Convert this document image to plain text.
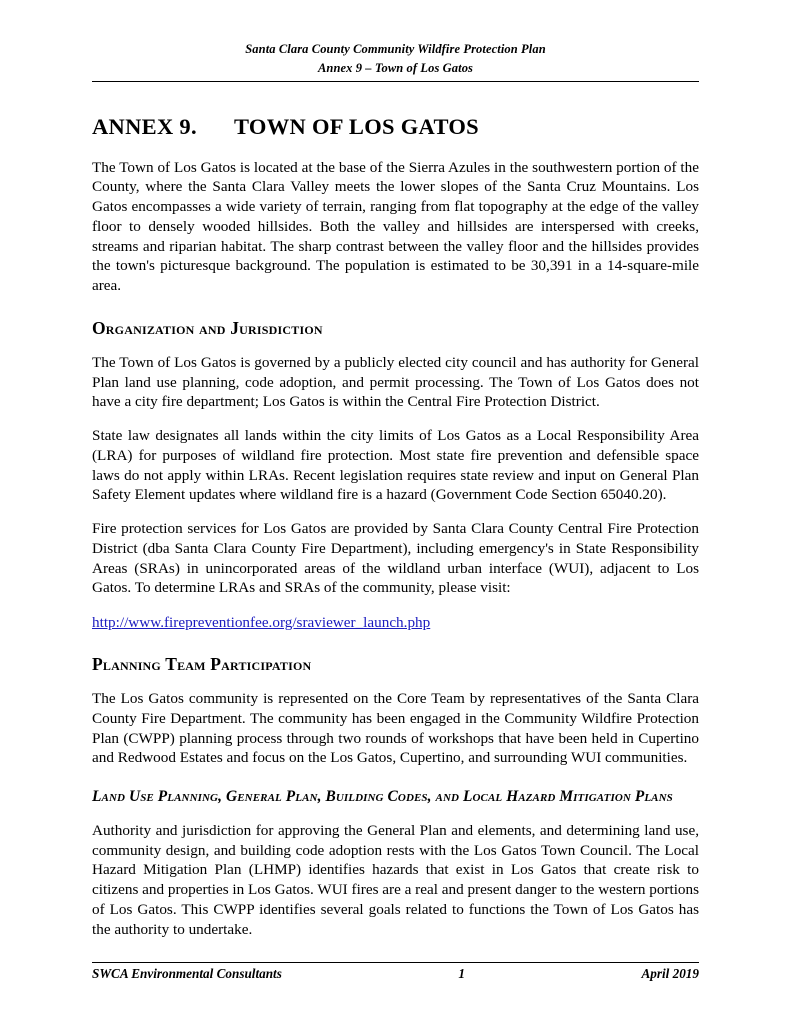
Santa Clara County Community Wildfire Protection Plan
Annex 9 – Town of Los Gatos
ANNEX 9.	TOWN OF LOS GATOS

The Town of Los Gatos is located at the base of the Sierra Azules in the southwestern portion of the County, where the Santa Clara Valley meets the lower slopes of the Santa Cruz Mountains. Los Gatos encompasses a wide variety of terrain, ranging from flat topography at the edge of the valley floor to densely wooded hillsides. Both the valley and hillsides are interspersed with creeks, streams and riparian habitat. The sharp contrast between the valley floor and the hillsides provides the town's picturesque background. The population is estimated to be 30,391 in a 14-square-mile area.

Organization and Jurisdiction

The Town of Los Gatos is governed by a publicly elected city council and has authority for General Plan land use planning, code adoption, and permit processing. The Town of Los Gatos does not have a city fire department; Los Gatos is within the Central Fire Protection District.

State law designates all lands within the city limits of Los Gatos as a Local Responsibility Area (LRA) for purposes of wildland fire protection. Most state fire prevention and defensible space laws do not apply within LRAs. Recent legislation requires state review and input on General Plan Safety Element updates where wildland fire is a hazard (Government Code Section 65040.20).

Fire protection services for Los Gatos are provided by Santa Clara County Central Fire Protection District (dba Santa Clara County Fire Department), including emergency's in State Responsibility Areas (SRAs) in unincorporated areas of the wildland urban interface (WUI), adjacent to Los Gatos. To determine LRAs and SRAs of the community, please visit:

http://www.firepreventionfee.org/sraviewer_launch.php
Planning Team Participation

The Los Gatos community is represented on the Core Team by representatives of the Santa Clara County Fire Department. The community has been engaged in the Community Wildfire Protection Plan (CWPP) planning process through two rounds of workshops that have been held in Cupertino and Redwood Estates and focus on the Los Gatos, Cupertino, and surrounding WUI communities.

Land Use Planning, General Plan, Building Codes, and Local Hazard Mitigation Plans

Authority and jurisdiction for approving the General Plan and elements, and determining land use, community design, and building code adoption rests with the Los Gatos Town Council. The Local Hazard Mitigation Plan (LHMP) identifies hazards that exist in Los Gatos that create risk to citizens and properties in Los Gatos. WUI fires are a real and present danger to the western portions of Los Gatos. This CWPP identifies several goals related to functions the Town of Los Gatos has the authority to undertake.

SWCA Environmental Consultants	1	April 2019
